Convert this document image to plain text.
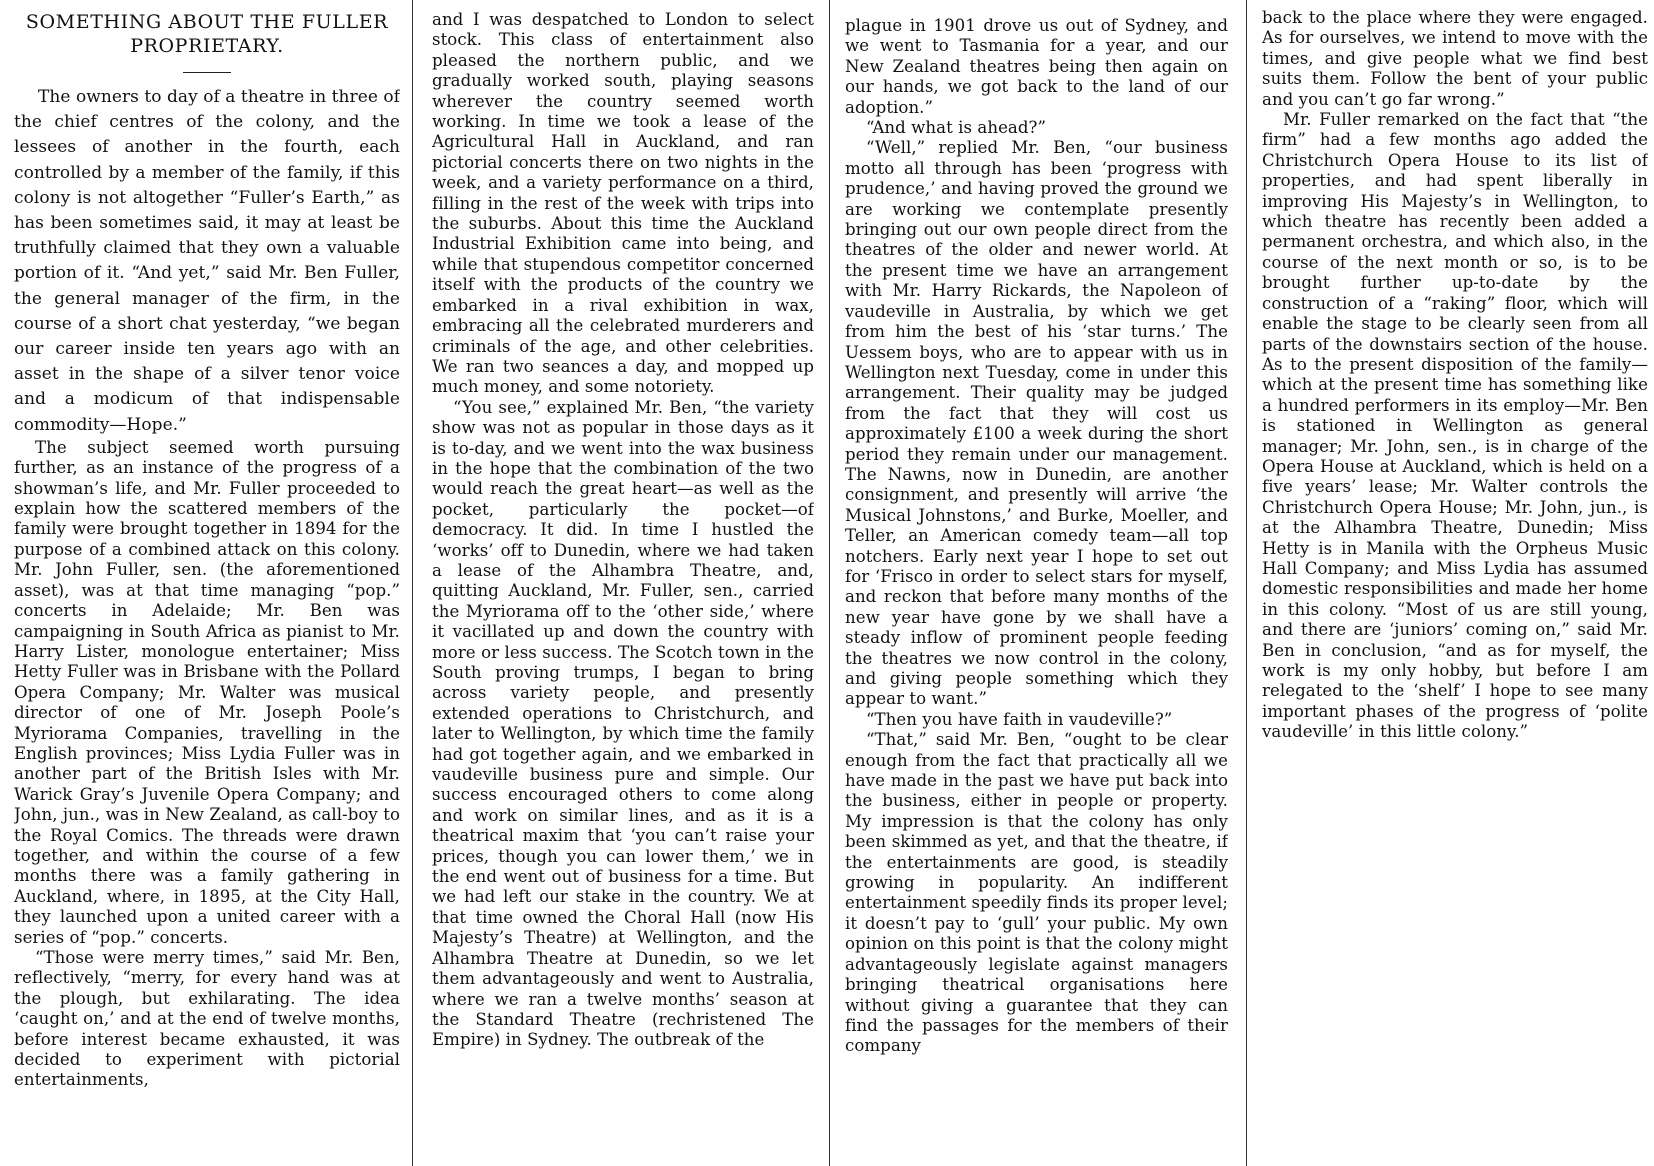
SOMETHING ABOUT THE FULLER PROPRIETARY.

The owners to day of a theatre in three of the chief centres of the colony, and the lessees of another in the fourth, each controlled by a member of the family, if this colony is not altogether “Fuller’s Earth,” as has been sometimes said, it may at least be truthfully claimed that they own a valuable portion of it. “And yet,” said Mr. Ben Fuller, the general manager of the firm, in the course of a short chat yesterday, “we began our career inside ten years ago with an asset in the shape of a silver tenor voice and a modicum of that indispensable commodity—Hope.”

The subject seemed worth pursuing further, as an instance of the progress of a showman’s life, and Mr. Fuller proceeded to explain how the scattered members of the family were brought together in 1894 for the purpose of a combined attack on this colony. Mr. John Fuller, sen. (the aforementioned asset), was at that time managing “pop.” concerts in Adelaide; Mr. Ben was campaigning in South Africa as pianist to Mr. Harry Lister, monologue entertainer; Miss Hetty Fuller was in Brisbane with the Pollard Opera Company; Mr. Walter was musical director of one of Mr. Joseph Poole’s Myriorama Companies, travelling in the English provinces; Miss Lydia Fuller was in another part of the British Isles with Mr. Warick Gray’s Juvenile Opera Company; and John, jun., was in New Zealand, as call-boy to the Royal Comics. The threads were drawn together, and within the course of a few months there was a family gathering in Auckland, where, in 1895, at the City Hall, they launched upon a united career with a series of “pop.” concerts.

“Those were merry times,” said Mr. Ben, reflectively, “merry, for every hand was at the plough, but exhilarating. The idea ‘caught on,’ and at the end of twelve months, before interest became exhausted, it was decided to experiment with pictorial entertainments,

and I was despatched to London to select stock. This class of entertainment also pleased the northern public, and we gradually worked south, playing seasons wherever the country seemed worth working. In time we took a lease of the Agricultural Hall in Auckland, and ran pictorial concerts there on two nights in the week, and a variety performance on a third, filling in the rest of the week with trips into the suburbs. About this time the Auckland Industrial Exhibition came into being, and while that stupendous competitor concerned itself with the products of the country we embarked in a rival exhibition in wax, embracing all the celebrated murderers and criminals of the age, and other celebrities. We ran two seances a day, and mopped up much money, and some notoriety.

“You see,” explained Mr. Ben, “the variety show was not as popular in those days as it is to-day, and we went into the wax business in the hope that the combination of the two would reach the great heart—as well as the pocket, particularly the pocket—of democracy. It did. In time I hustled the ‘works’ off to Dunedin, where we had taken a lease of the Alhambra Theatre, and, quitting Auckland, Mr. Fuller, sen., carried the Myriorama off to the ‘other side,’ where it vacillated up and down the country with more or less success. The Scotch town in the South proving trumps, I began to bring across variety people, and presently extended operations to Christchurch, and later to Wellington, by which time the family had got together again, and we embarked in vaudeville business pure and simple. Our success encouraged others to come along and work on similar lines, and as it is a theatrical maxim that ‘you can’t raise your prices, though you can lower them,’ we in the end went out of business for a time. But we had left our stake in the country. We at that time owned the Choral Hall (now His Majesty’s Theatre) at Wellington, and the Alhambra Theatre at Dunedin, so we let them advantageously and went to Australia, where we ran a twelve months’ season at the Standard Theatre (rechristened The Empire) in Sydney. The outbreak of the

plague in 1901 drove us out of Sydney, and we went to Tasmania for a year, and our New Zealand theatres being then again on our hands, we got back to the land of our adoption.”

“And what is ahead?”

“Well,” replied Mr. Ben, “our business motto all through has been ‘progress with prudence,’ and having proved the ground we are working we contemplate presently bringing out our own people direct from the theatres of the older and newer world. At the present time we have an arrangement with Mr. Harry Rickards, the Napoleon of vaudeville in Australia, by which we get from him the best of his ‘star turns.’ The Uessem boys, who are to appear with us in Wellington next Tuesday, come in under this arrangement. Their quality may be judged from the fact that they will cost us approximately £100 a week during the short period they remain under our management. The Nawns, now in Dunedin, are another consignment, and presently will arrive ‘the Musical Johnstons,’ and Burke, Moeller, and Teller, an American comedy team—all top notchers. Early next year I hope to set out for ‘Frisco in order to select stars for myself, and reckon that before many months of the new year have gone by we shall have a steady inflow of prominent people feeding the theatres we now control in the colony, and giving people something which they appear to want.”

“Then you have faith in vaudeville?”

“That,” said Mr. Ben, “ought to be clear enough from the fact that practically all we have made in the past we have put back into the business, either in people or property. My impression is that the colony has only been skimmed as yet, and that the theatre, if the entertainments are good, is steadily growing in popularity. An indifferent entertainment speedily finds its proper level; it doesn’t pay to ‘gull’ your public. My own opinion on this point is that the colony might advantageously legislate against managers bringing theatrical organisations here without giving a guarantee that they can find the passages for the members of their company

back to the place where they were engaged. As for ourselves, we intend to move with the times, and give people what we find best suits them. Follow the bent of your public and you can’t go far wrong.”

Mr. Fuller remarked on the fact that “the firm” had a few months ago added the Christchurch Opera House to its list of properties, and had spent liberally in improving His Majesty’s in Wellington, to which theatre has recently been added a permanent orchestra, and which also, in the course of the next month or so, is to be brought further up-to-date by the construction of a “raking” floor, which will enable the stage to be clearly seen from all parts of the downstairs section of the house. As to the present disposition of the family—which at the present time has something like a hundred performers in its employ—Mr. Ben is stationed in Wellington as general manager; Mr. John, sen., is in charge of the Opera House at Auckland, which is held on a five years’ lease; Mr. Walter controls the Christchurch Opera House; Mr. John, jun., is at the Alhambra Theatre, Dunedin; Miss Hetty is in Manila with the Orpheus Music Hall Company; and Miss Lydia has assumed domestic responsibilities and made her home in this colony. “Most of us are still young, and there are ‘juniors’ coming on,” said Mr. Ben in conclusion, “and as for myself, the work is my only hobby, but before I am relegated to the ‘shelf’ I hope to see many important phases of the progress of ‘polite vaudeville’ in this little colony.”
